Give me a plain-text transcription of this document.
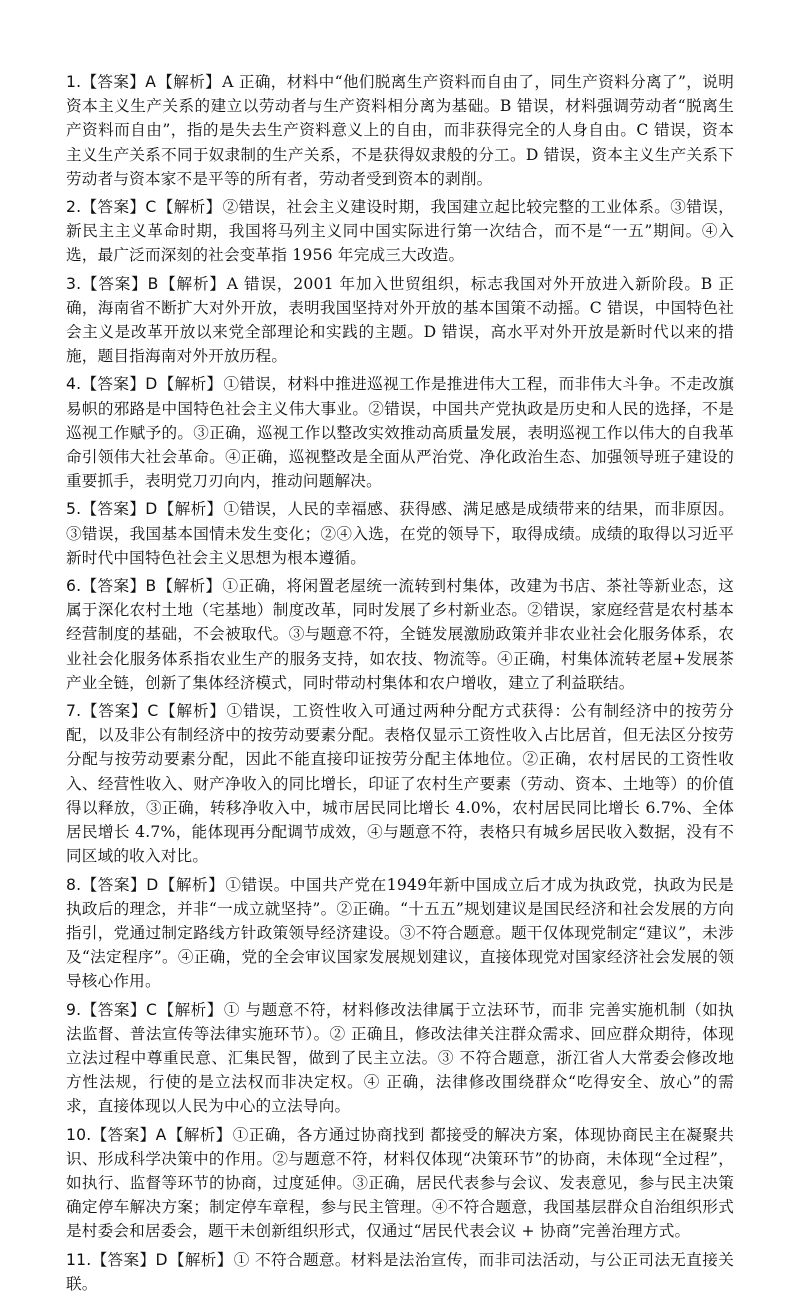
1.【答案】A【解析】A 正确，材料中“他们脱离生产资料而自由了，同生产资料分离了”，说明资本主义生产关系的建立以劳动者与生产资料相分离为基础。B 错误，材料强调劳动者“脱离生产资料而自由”，指的是失去生产资料意义上的自由，而非获得完全的人身自由。C 错误，资本主义生产关系不同于奴隶制的生产关系，不是获得奴隶般的分工。D 错误，资本主义生产关系下劳动者与资本家不是平等的所有者，劳动者受到资本的剥削。

2.【答案】C【解析】②错误，社会主义建设时期，我国建立起比较完整的工业体系。③错误，新民主主义革命时期，我国将马列主义同中国实际进行第一次结合，而不是“一五”期间。④入选，最广泛而深刻的社会变革指 1956 年完成三大改造。

3.【答案】B【解析】A 错误，2001 年加入世贸组织，标志我国对外开放进入新阶段。B 正确，海南省不断扩大对外开放，表明我国坚持对外开放的基本国策不动摇。C 错误，中国特色社会主义是改革开放以来党全部理论和实践的主题。D 错误，高水平对外开放是新时代以来的措施，题目指海南对外开放历程。

4.【答案】D【解析】①错误，材料中推进巡视工作是推进伟大工程，而非伟大斗争。不走改旗易帜的邪路是中国特色社会主义伟大事业。②错误，中国共产党执政是历史和人民的选择，不是巡视工作赋予的。③正确，巡视工作以整改实效推动高质量发展，表明巡视工作以伟大的自我革命引领伟大社会革命。④正确，巡视整改是全面从严治党、净化政治生态、加强领导班子建设的重要抓手，表明党刀刃向内，推动问题解决。

5.【答案】D【解析】①错误，人民的幸福感、获得感、满足感是成绩带来的结果，而非原因。③错误，我国基本国情未发生变化；②④入选，在党的领导下，取得成绩。成绩的取得以习近平新时代中国特色社会主义思想为根本遵循。

6.【答案】B【解析】①正确，将闲置老屋统一流转到村集体，改建为书店、茶社等新业态，这属于深化农村土地（宅基地）制度改革，同时发展了乡村新业态。②错误，家庭经营是农村基本经营制度的基础，不会被取代。③与题意不符，全链发展激励政策并非农业社会化服务体系，农业社会化服务体系指农业生产的服务支持，如农技、物流等。④正确，村集体流转老屋+发展茶产业全链，创新了集体经济模式，同时带动村集体和农户增收，建立了利益联结。

7.【答案】C【解析】①错误，工资性收入可通过两种分配方式获得：公有制经济中的按劳分配，以及非公有制经济中的按劳动要素分配。表格仅显示工资性收入占比居首，但无法区分按劳分配与按劳动要素分配，因此不能直接印证按劳分配主体地位。②正确，农村居民的工资性收入、经营性收入、财产净收入的同比增长，印证了农村生产要素（劳动、资本、土地等）的价值得以释放，③正确，转移净收入中，城市居民同比增长 4.0%，农村居民同比增长 6.7%、全体居民增长 4.7%，能体现再分配调节成效，④与题意不符，表格只有城乡居民收入数据，没有不同区域的收入对比。

8.【答案】D【解析】①错误。中国共产党在1949年新中国成立后才成为执政党，执政为民是执政后的理念，并非“一成立就坚持”。②正确。“十五五”规划建议是国民经济和社会发展的方向指引，党通过制定路线方针政策领导经济建设。③不符合题意。题干仅体现党制定“建议”，未涉及“法定程序”。④正确，党的全会审议国家发展规划建议，直接体现党对国家经济社会发展的领导核心作用。

9.【答案】C【解析】① 与题意不符，材料修改法律属于立法环节，而非 完善实施机制（如执法监督、普法宣传等法律实施环节）。② 正确且，修改法律关注群众需求、回应群众期待，体现立法过程中尊重民意、汇集民智，做到了民主立法。③ 不符合题意，浙江省人大常委会修改地方性法规，行使的是立法权而非决定权。④ 正确，法律修改围绕群众“吃得安全、放心”的需求，直接体现以人民为中心的立法导向。

10.【答案】A【解析】①正确，各方通过协商找到 都接受的解决方案，体现协商民主在凝聚共识、形成科学决策中的作用。②与题意不符，材料仅体现“决策环节”的协商，未体现“全过程”，如执行、监督等环节的协商，过度延伸。③正确，居民代表参与会议、发表意见，参与民主决策确定停车解决方案；制定停车章程，参与民主管理。④不符合题意，我国基层群众自治组织形式是村委会和居委会，题干未创新组织形式，仅通过“居民代表会议 + 协商”完善治理方式。

11.【答案】D【解析】① 不符合题意。材料是法治宣传，而非司法活动，与公正司法无直接关联。
